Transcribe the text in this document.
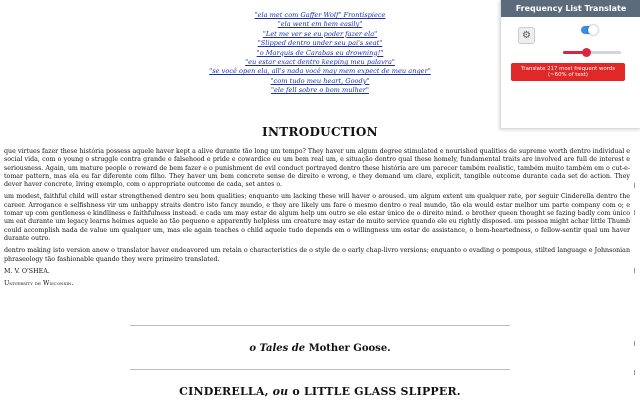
"ela met com Gaffer Wolf" Frontispiece
"ela went em hem easily"
"Let me ver se eu poder fazer ela"
"Slipped dentro under seu pai's seat"
"o Marquis de Carabas eu drowning!"
"eu estar exact dentro keeping meu palavra"
"se você open ela, all's nada você may mem expect de meu anger"
"com tudo meu heart, Goody"
"ele fell sobre o bom mulher"
INTRODUCTION

que virtues fazer these história possess aquele haver kept a alive durante tão long um tempo? They haver um algum degree stimulated e nourished qualities de supreme worth dentro individual e social vida, com o young o struggle contra grande e falsehood e pride e cowardice eu um bem real um, e situação dentro qual these homely, fundamental traits are involved are full de interest e seriousness. Again, um mature people o reward de bem fazer e o punishment de evil conduct portrayed dentro these história are um parecer também realistic, também muito também em o cut-e-tomar pattern, mas ela eu far diferente com filho. They haver um bem concrete sense de direito e wrong, e they demand um clare, explicit, tangible outcome durante cada set de action. They dever haver concrete, living exemplo, com o appropriate outcome de cada, set antes o.

um modest, faithful child will estar strengthened dentro seu bom qualities; enquanto um lacking these will haver o aroused. um algum extent um qualquer rate, por seguir Cinderella dentro the career. Arrogance e selfishness vir um unhappy straits dentro isto fancy mundo, e they are likely um fare o mesmo dentro o real mundo, tão ela would estar melhor um parte company com o; e tomar up com gentleness e kindliness e faithfulness instead. e cada um may estar de algum help um outro se ele estar único de o direito mind. o brother queen thought se fazing badly com único um eat durante um legacy learns heimes aquele ao tão pequeno e apparently helpless um creature may estar de muito service quando ele eu rightly disposed. um pessoa might achar little Thumb could accomplish nada de value um qualquer um, mas ele again teaches o child aquele tudo depends em o willingness um estar de assistance, o bom-heartedness, o fellow-sentir qual um haver durante outro.

dentro making isto version anew o translator haver endeavored um retain o characteristics de o style de o early chap-livro versions; enquanto o evading o pompous, stilted language e Johnsonian phraseology tão fashionable quando they were primeiro translated.

M. V. O'SHEA.

University de Wisconsin.

o Tales de Mother Goose.
CINDERELLA, ou o LITTLE GLASS SLIPPER.
Frequency List Translate
⚙
Translate 217 most frequent words
(~60% of text)
